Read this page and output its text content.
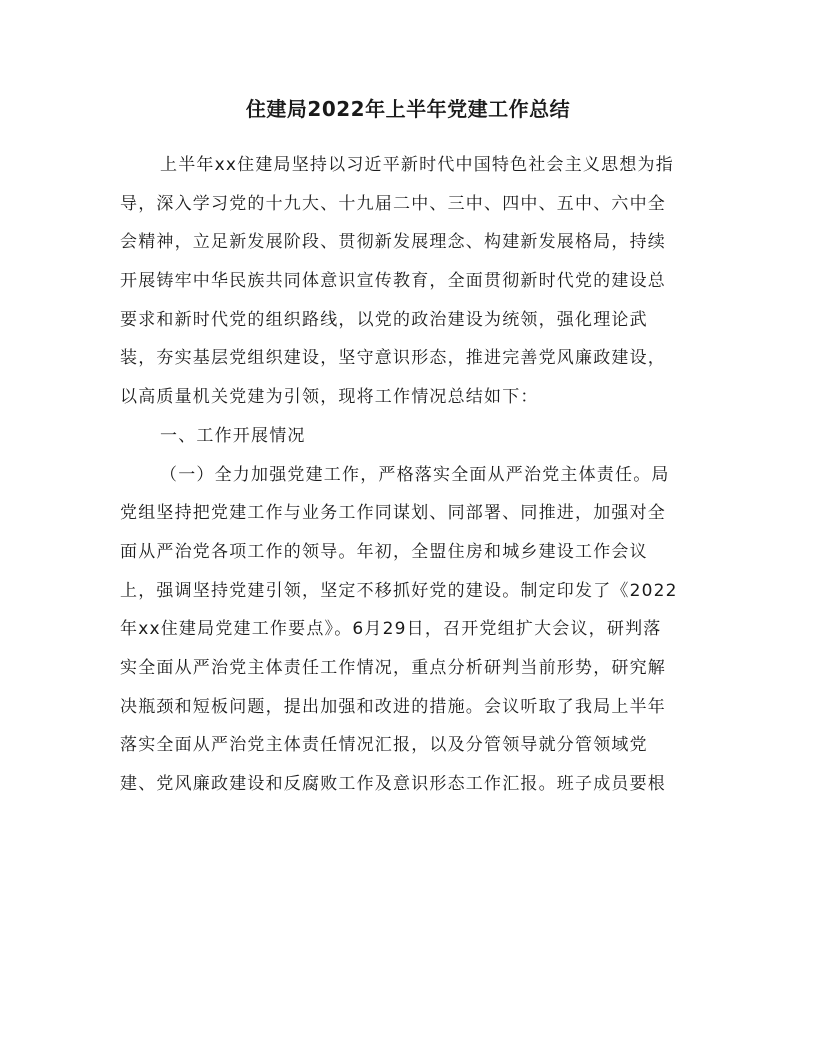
住建局2022年上半年党建工作总结
上半年xx住建局坚持以习近平新时代中国特色社会主义思想为指
导，深入学习党的十九大、十九届二中、三中、四中、五中、六中全
会精神，立足新发展阶段、贯彻新发展理念、构建新发展格局，持续
开展铸牢中华民族共同体意识宣传教育，全面贯彻新时代党的建设总
要求和新时代党的组织路线，以党的政治建设为统领，强化理论武
装，夯实基层党组织建设，坚守意识形态，推进完善党风廉政建设，
以高质量机关党建为引领，现将工作情况总结如下：
一、工作开展情况
（一）全力加强党建工作，严格落实全面从严治党主体责任。局
党组坚持把党建工作与业务工作同谋划、同部署、同推进，加强对全
面从严治党各项工作的领导。年初，全盟住房和城乡建设工作会议
上，强调坚持党建引领，坚定不移抓好党的建设。制定印发了《2022
年xx住建局党建工作要点》。6月29日，召开党组扩大会议，研判落
实全面从严治党主体责任工作情况，重点分析研判当前形势，研究解
决瓶颈和短板问题，提出加强和改进的措施。会议听取了我局上半年
落实全面从严治党主体责任情况汇报，以及分管领导就分管领域党
建、党风廉政建设和反腐败工作及意识形态工作汇报。班子成员要根
